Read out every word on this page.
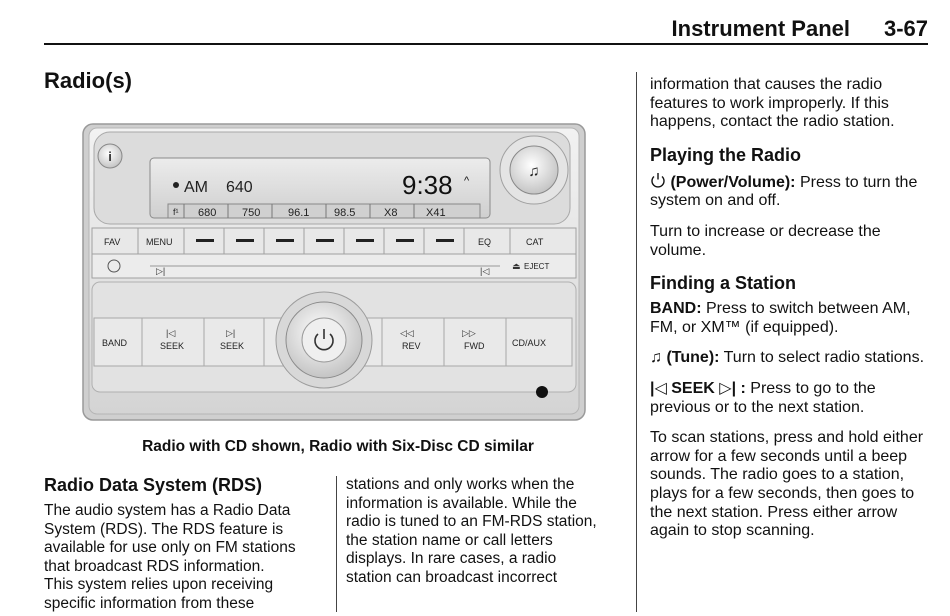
Instrument Panel 3-67
Radio(s)
i
♫
AM 640	9:38 ^
f¹ 680 750	96.1 98.5	X8	X41
FAV	MENU	EQ	CAT
▷|	|◁	⏏ EJECT
BAND
|◁
SEEK
▷|
SEEK
◁◁
REV
▷▷
FWD	CD/AUX
Radio with CD shown, Radio with Six-Disc CD similar
Radio Data System (RDS)

The audio system has a Radio Data

System (RDS). The RDS feature is

available for use only on FM stations

that broadcast RDS information.

This system relies upon receiving

specific information from these

stations and only works when the

information is available. While the

radio is tuned to an FM-RDS station,

the station name or call letters

displays. In rare cases, a radio

station can broadcast incorrect

information that causes the radio

features to work improperly. If this

happens, contact the radio station.

Playing the Radio

(Power/Volume): Press to turn the system on and off.

Turn to increase or decrease the volume.

Finding a Station

BAND: Press to switch between AM, FM, or XM™ (if equipped).

♫ (Tune): Turn to select radio stations.

|◁ SEEK ▷| : Press to go to the previous or to the next station.

To scan stations, press and hold either arrow for a few seconds until a beep sounds. The radio goes to a station, plays for a few seconds, then goes to the next station. Press either arrow again to stop scanning.
